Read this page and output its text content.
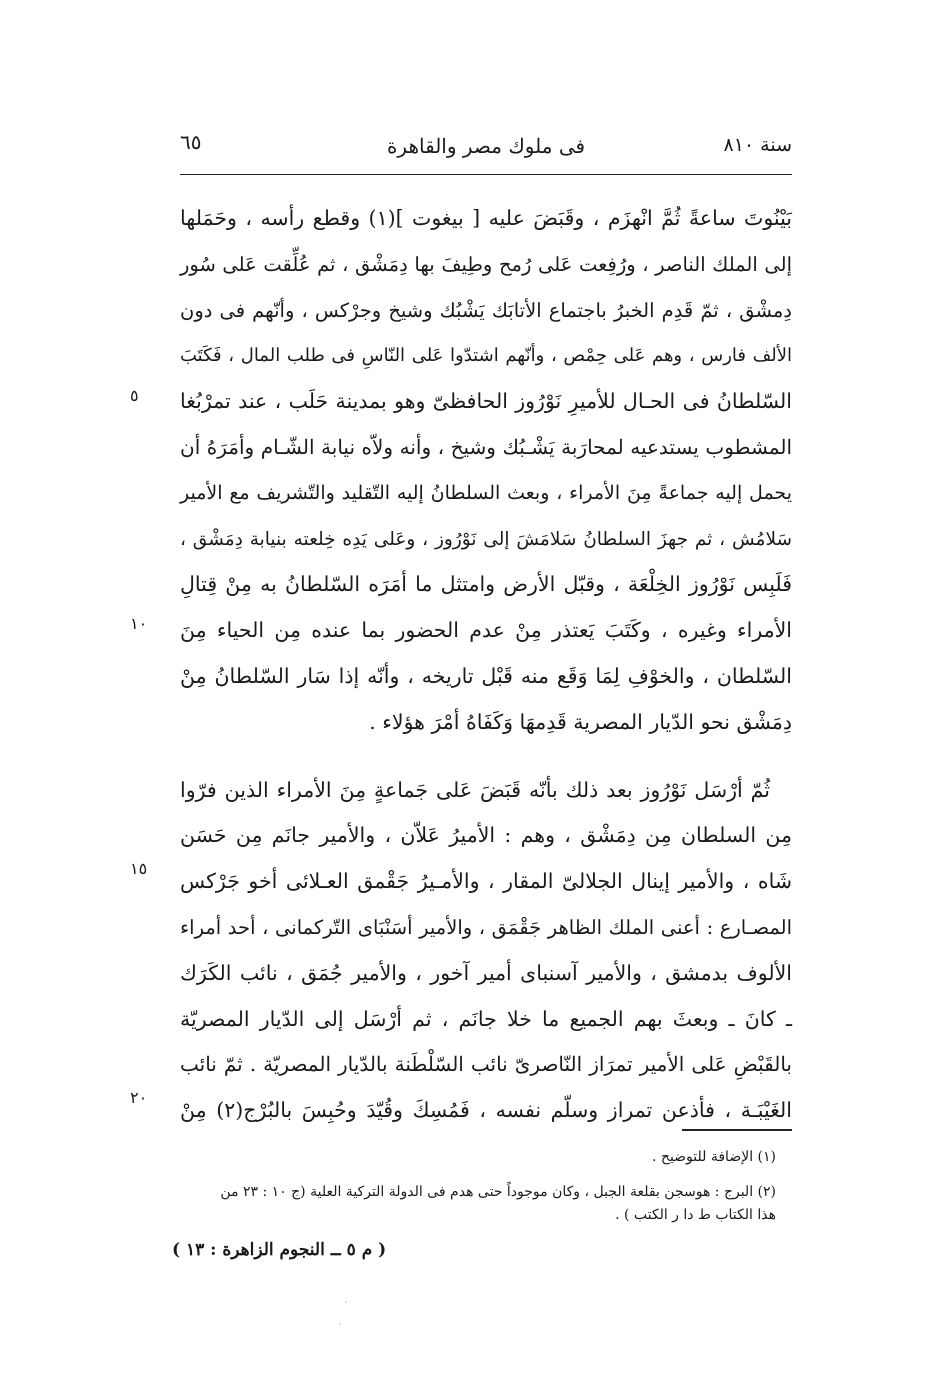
سنة ٨١٠
فى ملوك مصر والقاهرة
٦٥

بَيْنُوتَ ساعةً ثُمَّ انْهزَم ، وقَبَضَ عليه [ بيغوت ](١) وقطع رأسه ، وحَمَلها
إلى الملك الناصر ، ورُفِعت عَلى رُمح وطِيفَ بها دِمَشْق ، ثم عُلِّقت عَلى سُور
دِمشْق ، ثمّ قَدِم الخبرُ باجتماع الأتابَك يَشْبُك وشيخ وجرْكس ، وأنّهم فى دون
الألف فارس ، وهم عَلى حِمْص ، وأنّهم اشتدّوا عَلى النّاسِ فى طلب المال ، فَكَتَبَ
السّلطانُ فى الحـال للأميرِ نَوْرُوز الحافظىّ وهو بمدينة حَلَب ، عند تمرْبُغا
المشطوب يستدعيه لمحارَبة يَشْـبُك وشيخ ، وأنه ولاّه نيابة الشّـام وأمَرَهُ أن
يحمل إليه جماعةً مِنَ الأمراء ، وبعث السلطانُ إليه التّقليد والتّشريف مع الأمير
سَلامُش ، ثم جهزَ السلطانُ سَلامَشَ إلى نَوْرُوز ، وعَلى يَدِه خِلعته بنيابة دِمَشْق ،
فَلَبِس نَوْرُوز الخِلْعَة ، وقبّل الأرض وامتثل ما أمَرَه السّلطانُ به مِنْ قِتالِ
الأمراء وغيره ، وكَتَبَ يَعتذر مِنْ عدم الحضور بما عنده مِن الحياء مِنَ
السّلطان ، والخوْفِ لِمَا وَقَع منه قَبْل تاريخه ، وأنّه إذا سَار السّلطانُ مِنْ
دِمَشْق نحو الدّيار المصرية قَدِمهَا وَكَفَاهُ أمْرَ هؤلاء .

ثُمّ أرْسَل نَوْرُوز بعد ذلك بأنّه قَبَضَ عَلى جَماعةٍ مِنَ الأمراء الذين فرّوا
مِن السلطان مِن دِمَشْق ، وهم : الأميرُ عَلاّن ، والأمير جانَم مِن حَسَن
شَاه ، والأمير إينال الجلالىّ المقار ، والأمـيرُ جَقْمق العـلائى أخو جَرْكس
المصـارع : أعنى الملك الظاهر جَقْمَق ، والأمير أسَنْبَاى التّركمانى ، أحد أمراء
الألوف بدمشق ، والأمير آسنباى أمير آخور ، والأمير جُمَق ، نائب الكَرَك
ـ كانَ ـ وبعثَ بهم الجميع ما خلا جانَم ، ثم أرْسَل إلى الدّيار المصريّة
بالقَبْضِ عَلى الأمير تمرَاز النّاصرىّ نائب السّلْطَنة بالدّيار المصريّة . ثمّ نائب
الغَيْبَـة ، فأذعن تمراز وسلّم نفسه ، فَمُسِكَ وقُيّدَ وحُبِسَ بالبُرْج(٢) مِنْ

٥
١٠
١٥
٢٠

(١) الإضافة للتوضيح .

(٢) البرج : هوسجن بقلعة الجبل ، وكان موجوداً حتى هدم فى الدولة التركية العلية (ج ١٠ : ٢٣ من
هذا الكتاب ط دا ر الكتب ) .

( م ٥ ــ النجوم الزاهرة : ١٣ )
·
·
